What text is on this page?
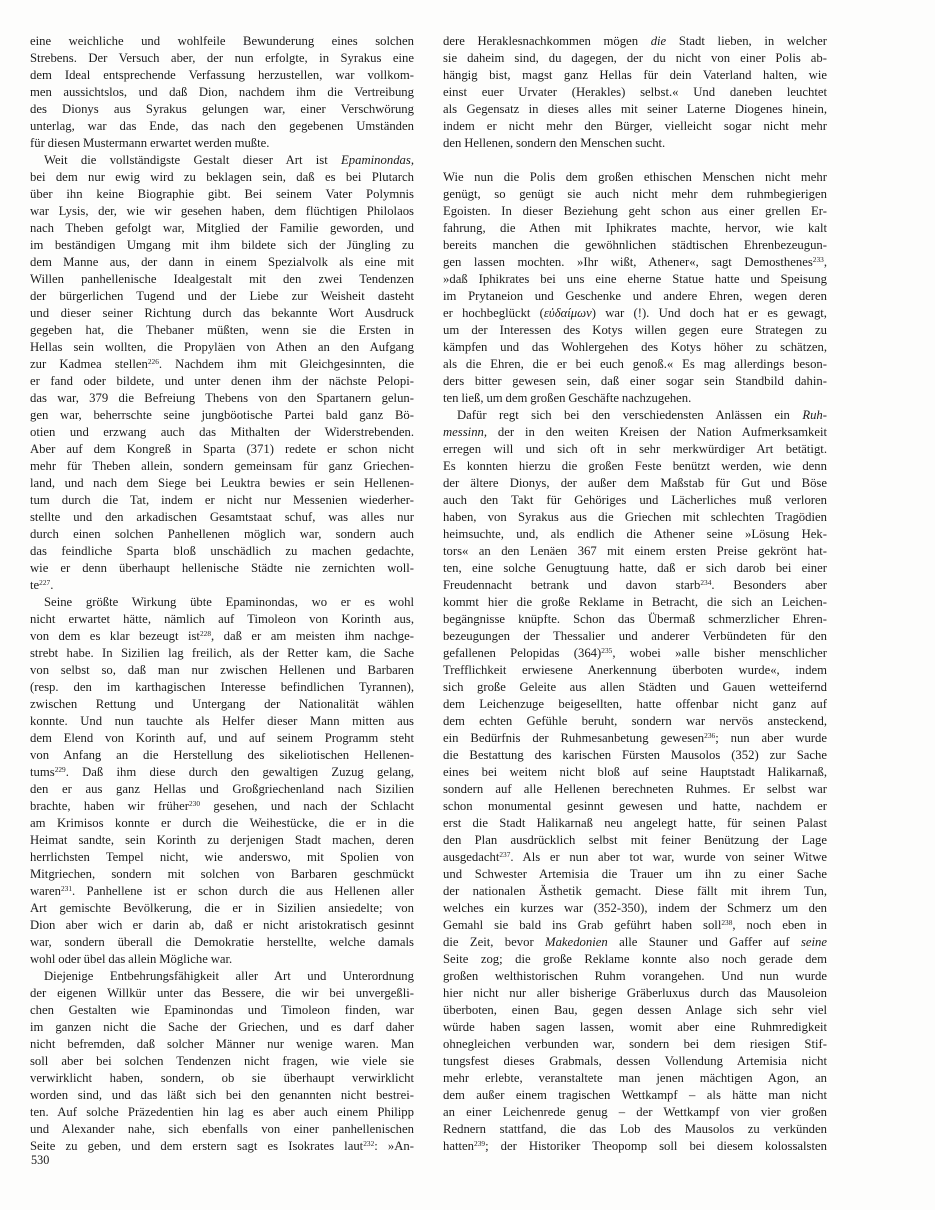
eine weichliche und wohlfeile Bewunderung eines solchen
Strebens. Der Versuch aber, der nun erfolgte, in Syrakus eine
dem Ideal entsprechende Verfassung herzustellen, war vollkom-
men aussichtslos, und daß Dion, nachdem ihm die Vertreibung
des Dionys aus Syrakus gelungen war, einer Verschwörung
unterlag, war das Ende, das nach den gegebenen Umständen
für diesen Mustermann erwartet werden mußte.
Weit die vollständigste Gestalt dieser Art ist Epaminondas,
bei dem nur ewig wird zu beklagen sein, daß es bei Plutarch
über ihn keine Biographie gibt. Bei seinem Vater Polymnis
war Lysis, der, wie wir gesehen haben, dem flüchtigen Philolaos
nach Theben gefolgt war, Mitglied der Familie geworden, und
im beständigen Umgang mit ihm bildete sich der Jüngling zu
dem Manne aus, der dann in einem Spezialvolk als eine mit
Willen panhellenische Idealgestalt mit den zwei Tendenzen
der bürgerlichen Tugend und der Liebe zur Weisheit dasteht
und dieser seiner Richtung durch das bekannte Wort Ausdruck
gegeben hat, die Thebaner müßten, wenn sie die Ersten in
Hellas sein wollten, die Propyläen von Athen an den Aufgang
zur Kadmea stellen$^{226}$. Nachdem ihm mit Gleichgesinnten, die
er fand oder bildete, und unter denen ihm der nächste Pelopi-
das war, 379 die Befreiung Thebens von den Spartanern gelun-
gen war, beherrschte seine jungböotische Partei bald ganz Bö-
otien und erzwang auch das Mithalten der Widerstrebenden.
Aber auf dem Kongreß in Sparta (371) redete er schon nicht
mehr für Theben allein, sondern gemeinsam für ganz Griechen-
land, und nach dem Siege bei Leuktra bewies er sein Hellenen-
tum durch die Tat, indem er nicht nur Messenien wiederher-
stellte und den arkadischen Gesamtstaat schuf, was alles nur
durch einen solchen Panhellenen möglich war, sondern auch
das feindliche Sparta bloß unschädlich zu machen gedachte,
wie er denn überhaupt hellenische Städte nie zernichten woll-
$te^{227}$.
Seine größte Wirkung übte Epaminondas, wo er es wohl
nicht erwartet hätte, nämlich auf Timoleon von Korinth aus,
von dem es klar bezeugt ist$^{228}$, daß er am meisten ihm nachge-
strebt habe. In Sizilien lag freilich, als der Retter kam, die Sache
von selbst so, daß man nur zwischen Hellenen und Barbaren
(resp. den im karthagischen Interesse befindlichen Tyrannen),
zwischen Rettung und Untergang der Nationalität wählen
konnte. Und nun tauchte als Helfer dieser Mann mitten aus
dem Elend von Korinth auf, und auf seinem Programm steht
von Anfang an die Herstellung des sikeliotischen Hellenen-
tums$^{229}$. Daß ihm diese durch den gewaltigen Zuzug gelang,
den er aus ganz Hellas und Großgriechenland nach Sizilien
brachte, haben wir früher$^{230}$ gesehen, und nach der Schlacht
am Krimisos konnte er durch die Weihestücke, die er in die
Heimat sandte, sein Korinth zu derjenigen Stadt machen, deren
herrlichsten Tempel nicht, wie anderswo, mit Spolien von
Mitgriechen, sondern mit solchen von Barbaren geschmückt
waren$^{231}$. Panhellene ist er schon durch die aus Hellenen aller
Art gemischte Bevölkerung, die er in Sizilien ansiedelte; von
Dion aber wich er darin ab, daß er nicht aristokratisch gesinnt
war, sondern überall die Demokratie herstellte, welche damals
wohl oder übel das allein Mögliche war.
Diejenige Entbehrungsfähigkeit aller Art und Unterordnung
der eigenen Willkür unter das Bessere, die wir bei unvergeßli-
chen Gestalten wie Epaminondas und Timoleon finden, war
im ganzen nicht die Sache der Griechen, und es darf daher
nicht befremden, daß solcher Männer nur wenige waren. Man
soll aber bei solchen Tendenzen nicht fragen, wie viele sie
verwirklicht haben, sondern, ob sie überhaupt verwirklicht
worden sind, und das läßt sich bei den genannten nicht bestrei-
ten. Auf solche Präzedentien hin lag es aber auch einem Philipp
und Alexander nahe, sich ebenfalls von einer panhellenischen
Seite zu geben, und dem erstern sagt es Isokrates laut$^{232}$: »An-
dere Heraklesnachkommen mögen die Stadt lieben, in welcher
sie daheim sind, du dagegen, der du nicht von einer Polis ab-
hängig bist, magst ganz Hellas für dein Vaterland halten, wie
einst euer Urvater (Herakles) selbst.« Und daneben leuchtet
als Gegensatz in dieses alles mit seiner Laterne Diogenes hinein,
indem er nicht mehr den Bürger, vielleicht sogar nicht mehr
den Hellenen, sondern den Menschen sucht.
Wie nun die Polis dem großen ethischen Menschen nicht mehr
genügt, so genügt sie auch nicht mehr dem ruhmbegierigen
Egoisten. In dieser Beziehung geht schon aus einer grellen Er-
fahrung, die Athen mit Iphikrates machte, hervor, wie kalt
bereits manchen die gewöhnlichen städtischen Ehrenbezeugun-
gen lassen mochten. »Ihr wißt, Athener«, sagt Demosthenes$^{233}$,
»daß Iphikrates bei uns eine eherne Statue hatte und Speisung
im Prytaneion und Geschenke und andere Ehren, wegen deren
er hochbeglückt (εὐδαίμων) war (!). Und doch hat er es gewagt,
um der Interessen des Kotys willen gegen eure Strategen zu
kämpfen und das Wohlergehen des Kotys höher zu schätzen,
als die Ehren, die er bei euch genoß.« Es mag allerdings beson-
ders bitter gewesen sein, daß einer sogar sein Standbild dahin-
ten ließ, um dem großen Geschäfte nachzugehen.
Dafür regt sich bei den verschiedensten Anlässen ein Ruh-
messinn, der in den weiten Kreisen der Nation Aufmerksamkeit
erregen will und sich oft in sehr merkwürdiger Art betätigt.
Es konnten hierzu die großen Feste benützt werden, wie denn
der ältere Dionys, der außer dem Maßstab für Gut und Böse
auch den Takt für Gehöriges und Lächerliches muß verloren
haben, von Syrakus aus die Griechen mit schlechten Tragödien
heimsuchte, und, als endlich die Athener seine »Lösung Hek-
tors« an den Lenäen 367 mit einem ersten Preise gekrönt hat-
ten, eine solche Genugtuung hatte, daß er sich darob bei einer
Freudennacht betrank und davon starb$^{234}$. Besonders aber
kommt hier die große Reklame in Betracht, die sich an Leichen-
begängnisse knüpfte. Schon das Übermaß schmerzlicher Ehren-
bezeugungen der Thessalier und anderer Verbündeten für den
gefallenen Pelopidas $(364)^{235}$, wobei »alle bisher menschlicher
Trefflichkeit erwiesene Anerkennung überboten wurde«, indem
sich große Geleite aus allen Städten und Gauen wetteifernd
dem Leichenzuge beigesellten, hatte offenbar nicht ganz auf
dem echten Gefühle beruht, sondern war nervös ansteckend,
ein Bedürfnis der Ruhmesanbetung gewesen$^{236}$; nun aber wurde
die Bestattung des karischen Fürsten Mausolos (352) zur Sache
eines bei weitem nicht bloß auf seine Hauptstadt Halikarnaß,
sondern auf alle Hellenen berechneten Ruhmes. Er selbst war
schon monumental gesinnt gewesen und hatte, nachdem er
erst die Stadt Halikarnaß neu angelegt hatte, für seinen Palast
den Plan ausdrücklich selbst mit feiner Benützung der Lage
ausgedacht$^{237}$. Als er nun aber tot war, wurde von seiner Witwe
und Schwester Artemisia die Trauer um ihn zu einer Sache
der nationalen Ästhetik gemacht. Diese fällt mit ihrem Tun,
welches ein kurzes war (352-350), indem der Schmerz um den
Gemahl sie bald ins Grab geführt haben soll$^{238}$, noch eben in
die Zeit, bevor Makedonien alle Stauner und Gaffer auf seine
Seite zog; die große Reklame konnte also noch gerade dem
großen welthistorischen Ruhm vorangehen. Und nun wurde
hier nicht nur aller bisherige Gräberluxus durch das Mausoleion
überboten, einen Bau, gegen dessen Anlage sich sehr viel
würde haben sagen lassen, womit aber eine Ruhmredigkeit
ohnegleichen verbunden war, sondern bei dem riesigen Stif-
tungsfest dieses Grabmals, dessen Vollendung Artemisia nicht
mehr erlebte, veranstaltete man jenen mächtigen Agon, an
dem außer einem tragischen Wettkampf – als hätte man nicht
an einer Leichenrede genug – der Wettkampf von vier großen
Rednern stattfand, die das Lob des Mausolos zu verkünden
hatten$^{239}$; der Historiker Theopomp soll bei diesem kolossalsten
530
